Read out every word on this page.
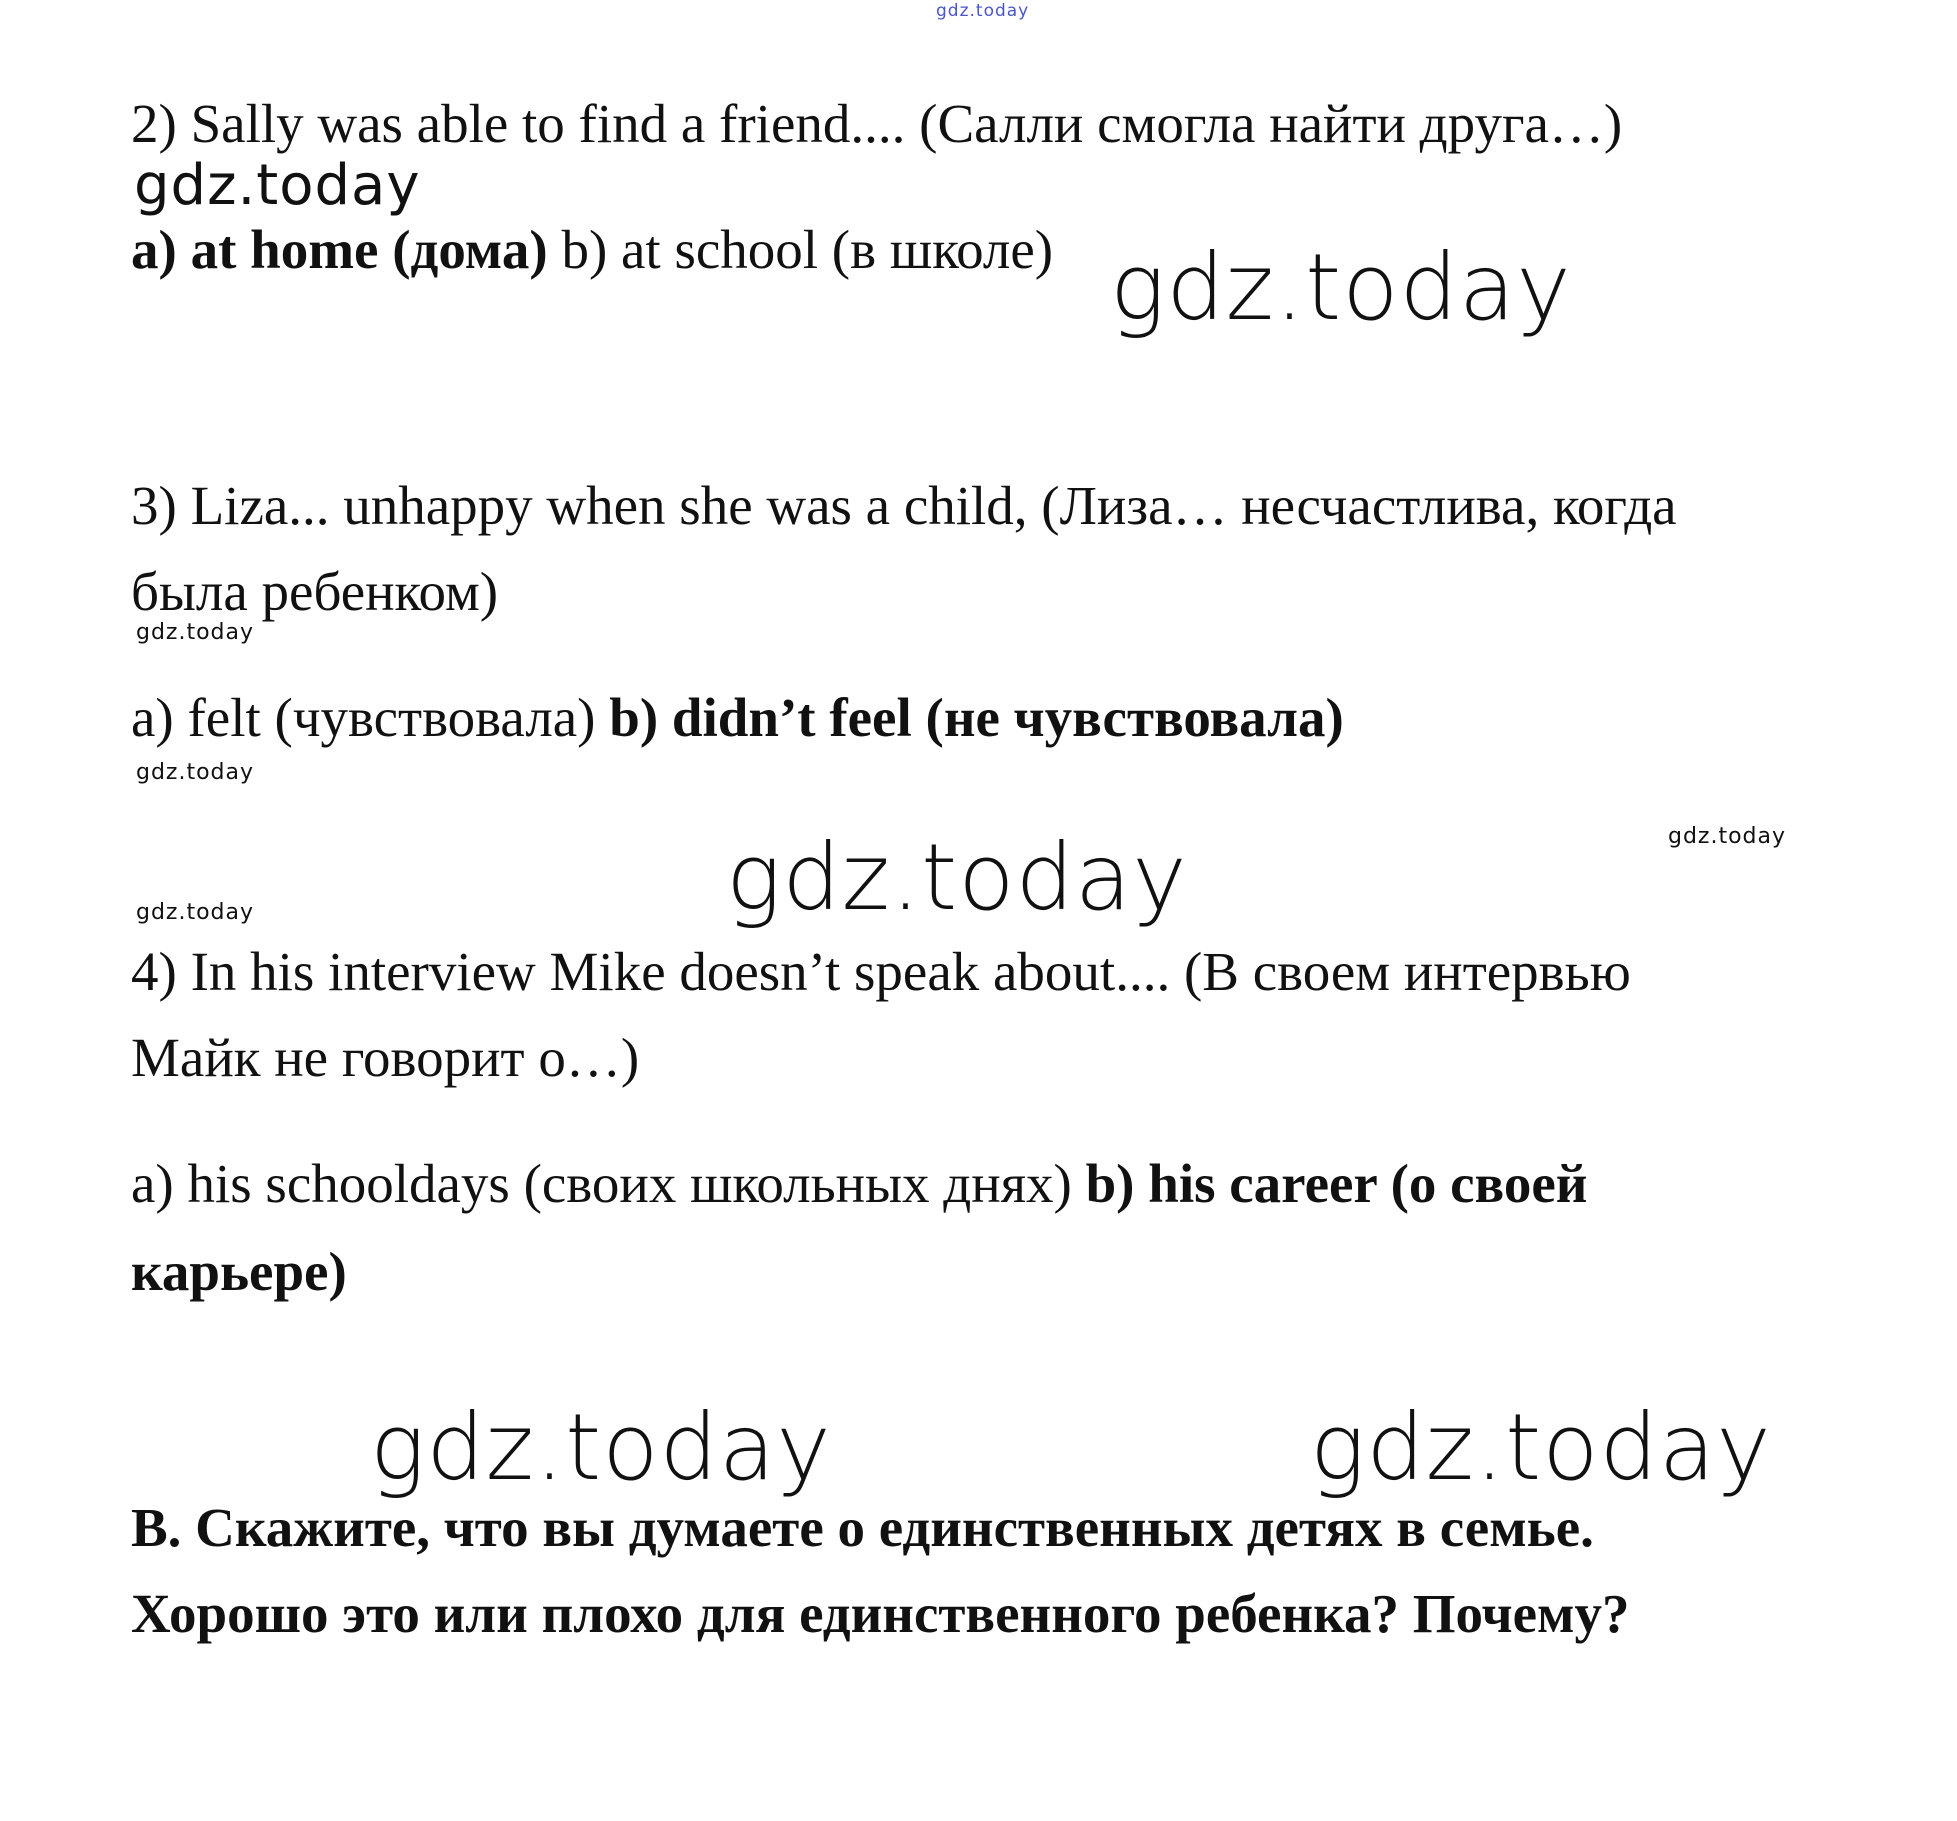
gdz.today
gdz.today
gdz.today
gdz.today
gdz.today
gdz.today	gdz.today
gdz.today
gdz.today	gdz.today

2) Sally was able to find a friend.... (Салли смогла найти друга…)

a) at home (дома) b) at school (в школе)

3) Liza... unhappy when she was a child, (Лиза… несчастлива, когда

была ребенком)

a) felt (чувствовала) b) didn’t feel (не чувствовала)

4) In his interview Mike doesn’t speak about.... (В своем интервью

Майк не говорит о…)

a) his schooldays (своих школьных днях) b) his career (о своей

карьере)

B. Скажите, что вы думаете о единственных детях в семье.

Хорошо это или плохо для единственного ребенка? Почему?
